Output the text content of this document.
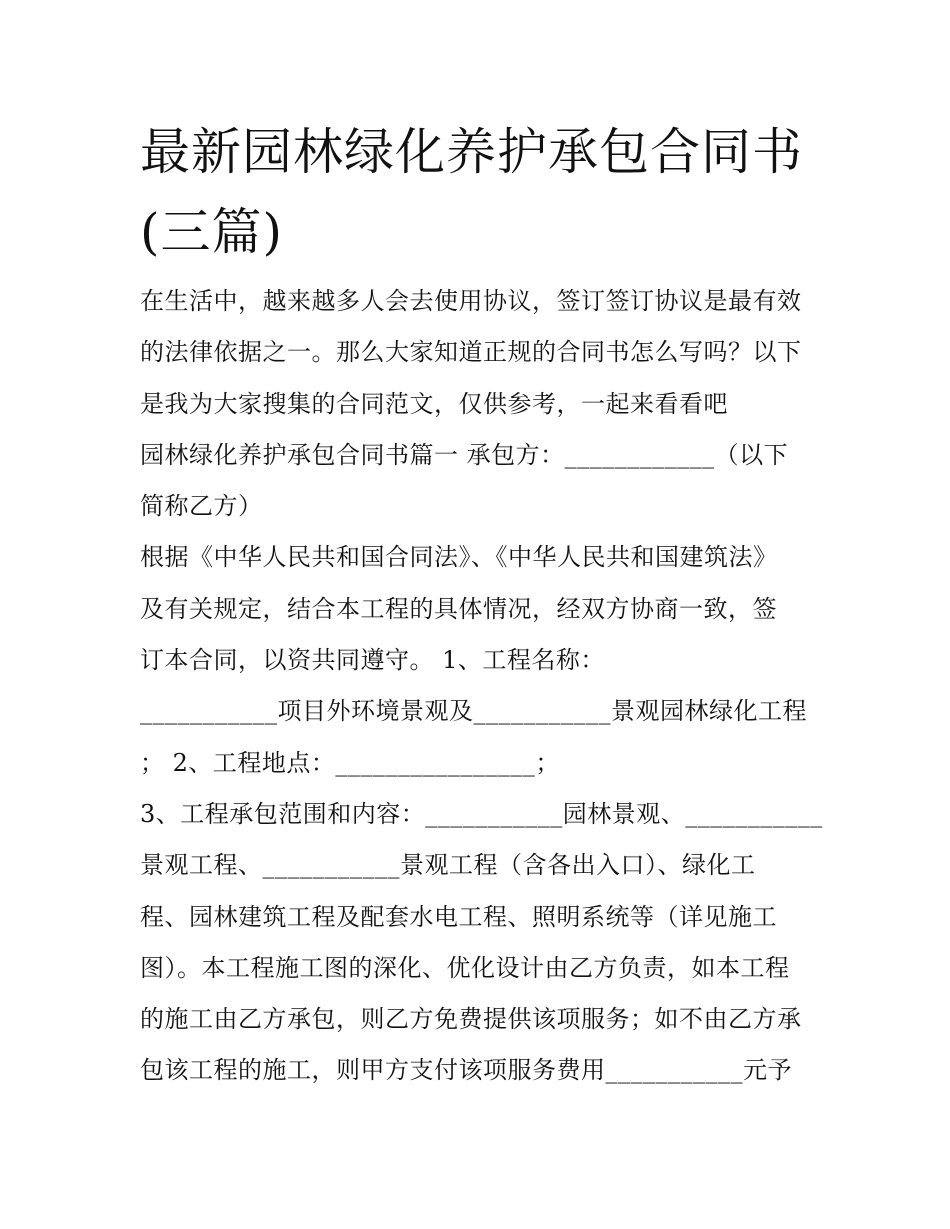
最新园林绿化养护承包合同书
(三篇)
在生活中，越来越多人会去使用协议，签订签订协议是最有效
的法律依据之一。那么大家知道正规的合同书怎么写吗？以下
是我为大家搜集的合同范文，仅供参考，一起来看看吧
园林绿化养护承包合同书篇一 承包方：____________（以下
简称乙方）
根据《中华人民共和国合同法》、《中华人民共和国建筑法》
及有关规定，结合本工程的具体情况，经双方协商一致，签
订本合同，以资共同遵守。 1、工程名称：
___________项目外环境景观及___________景观园林绿化工程
； 2、工程地点：________________；
3、工程承包范围和内容：___________园林景观、___________
景观工程、___________景观工程（含各出入口）、绿化工
程、园林建筑工程及配套水电工程、照明系统等（详见施工
图）。本工程施工图的深化、优化设计由乙方负责，如本工程
的施工由乙方承包，则乙方免费提供该项服务；如不由乙方承
包该工程的施工，则甲方支付该项服务费用___________元予
